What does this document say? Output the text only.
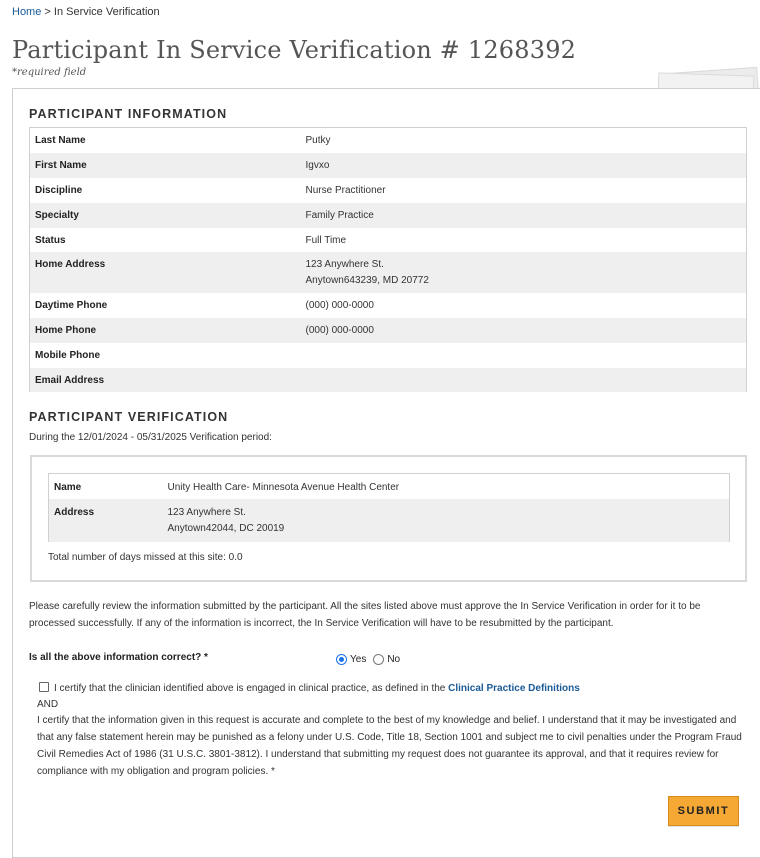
Home > In Service Verification
Participant In Service Verification # 1268392
*required field
PARTICIPANT INFORMATION
Last Name	Putky
First Name	Igvxo
Discipline	Nurse Practitioner
Specialty	Family Practice
Status	Full Time
Home Address	123 Anywhere St.
Anytown643239, MD 20772

Daytime Phone	(000) 000-0000
Home Phone	(000) 000-0000
Mobile Phone	
Email Address	
PARTICIPANT VERIFICATION
During the 12/01/2024 - 05/31/2025 Verification period:
Name	Unity Health Care- Minnesota Avenue Health Center
Address	123 Anywhere St.
Anytown42044, DC 20019
Total number of days missed at this site: 0.0
Please carefully review the information submitted by the participant. All the sites listed above must approve the In Service Verification in order for it to be processed successfully. If any of the information is incorrect, the In Service Verification will have to be resubmitted by the participant.
Is all the above information correct? *	Yes No
I certify that the clinician identified above is engaged in clinical practice, as defined in the Clinical Practice Definitions
AND
I certify that the information given in this request is accurate and complete to the best of my knowledge and belief. I understand that it may be investigated and that any false statement herein may be punished as a felony under U.S. Code, Title 18, Section 1001 and subject me to civil penalties under the Program Fraud Civil Remedies Act of 1986 (31 U.S.C. 3801-3812). I understand that submitting my request does not guarantee its approval, and that it requires review for compliance with my obligation and program policies. *
SUBMIT
